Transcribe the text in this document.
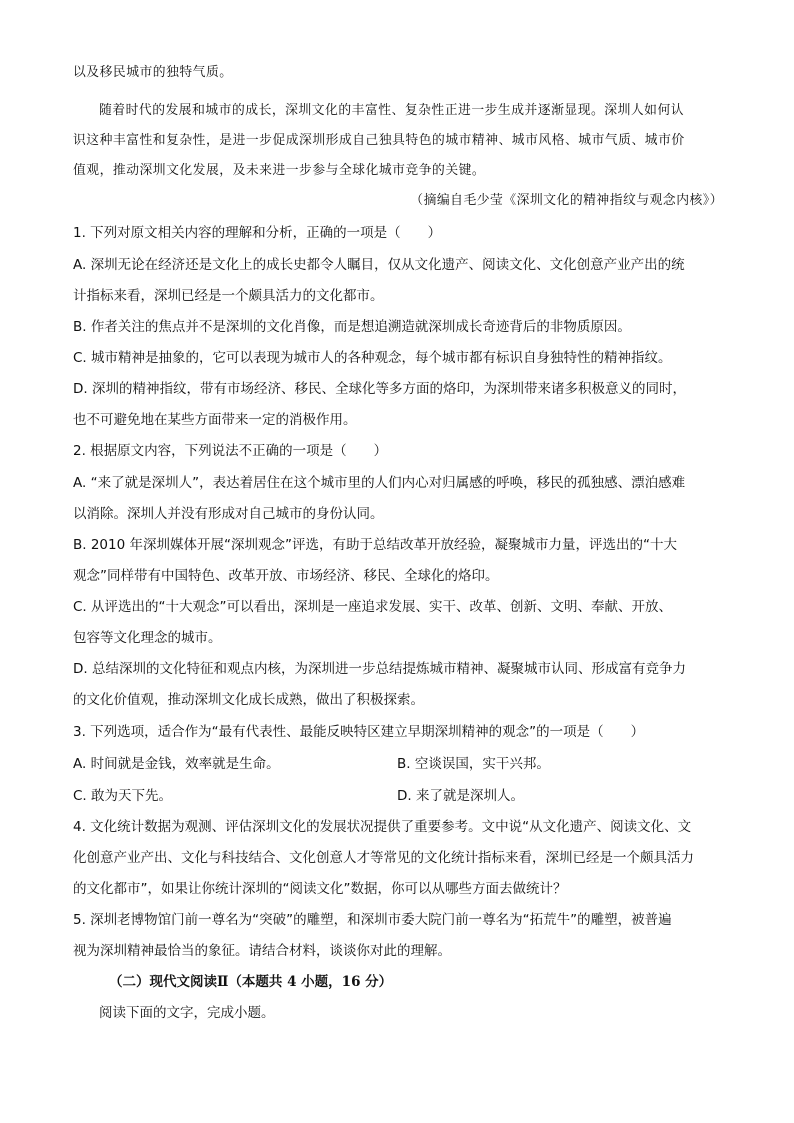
以及移民城市的独特气质。
随着时代的发展和城市的成长，深圳文化的丰富性、复杂性正进一步生成并逐渐显现。深圳人如何认
识这种丰富性和复杂性，是进一步促成深圳形成自己独具特色的城市精神、城市风格、城市气质、城市价
值观，推动深圳文化发展，及未来进一步参与全球化城市竞争的关键。
（摘编自毛少莹《深圳文化的精神指纹与观念内核》）
1. 下列对原文相关内容的理解和分析，正确的一项是（　　）
A. 深圳无论在经济还是文化上的成长史都令人瞩目，仅从文化遗产、阅读文化、文化创意产业产出的统
计指标来看，深圳已经是一个颇具活力的文化都市。
B. 作者关注的焦点并不是深圳的文化肖像，而是想追溯造就深圳成长奇迹背后的非物质原因。
C. 城市精神是抽象的，它可以表现为城市人的各种观念，每个城市都有标识自身独特性的精神指纹。
D. 深圳的精神指纹，带有市场经济、移民、全球化等多方面的烙印，为深圳带来诸多积极意义的同时，
也不可避免地在某些方面带来一定的消极作用。
2. 根据原文内容，下列说法不正确的一项是（　　）
A. “来了就是深圳人”，表达着居住在这个城市里的人们内心对归属感的呼唤，移民的孤独感、漂泊感难
以消除。深圳人并没有形成对自己城市的身份认同。
B. 2010 年深圳媒体开展“深圳观念”评选，有助于总结改革开放经验，凝聚城市力量，评选出的“十大
观念”同样带有中国特色、改革开放、市场经济、移民、全球化的烙印。
C. 从评选出的“十大观念”可以看出，深圳是一座追求发展、实干、改革、创新、文明、奉献、开放、
包容等文化理念的城市。
D. 总结深圳的文化特征和观点内核，为深圳进一步总结提炼城市精神、凝聚城市认同、形成富有竞争力
的文化价值观，推动深圳文化成长成熟，做出了积极探索。
3. 下列选项，适合作为“最有代表性、最能反映特区建立早期深圳精神的观念”的一项是（　　）
A. 时间就是金钱，效率就是生命。	B. 空谈误国，实干兴邦。
C. 敢为天下先。	D. 来了就是深圳人。
4. 文化统计数据为观测、评估深圳文化的发展状况提供了重要参考。文中说“从文化遗产、阅读文化、文
化创意产业产出、文化与科技结合、文化创意人才等常见的文化统计指标来看，深圳已经是一个颇具活力
的文化都市”，如果让你统计深圳的“阅读文化”数据，你可以从哪些方面去做统计？
5. 深圳老博物馆门前一尊名为“突破”的雕塑，和深圳市委大院门前一尊名为“拓荒牛”的雕塑，被普遍
视为深圳精神最恰当的象征。请结合材料，谈谈你对此的理解。
（二）现代文阅读Ⅱ（本题共 4 小题，16 分）
阅读下面的文字，完成小题。
